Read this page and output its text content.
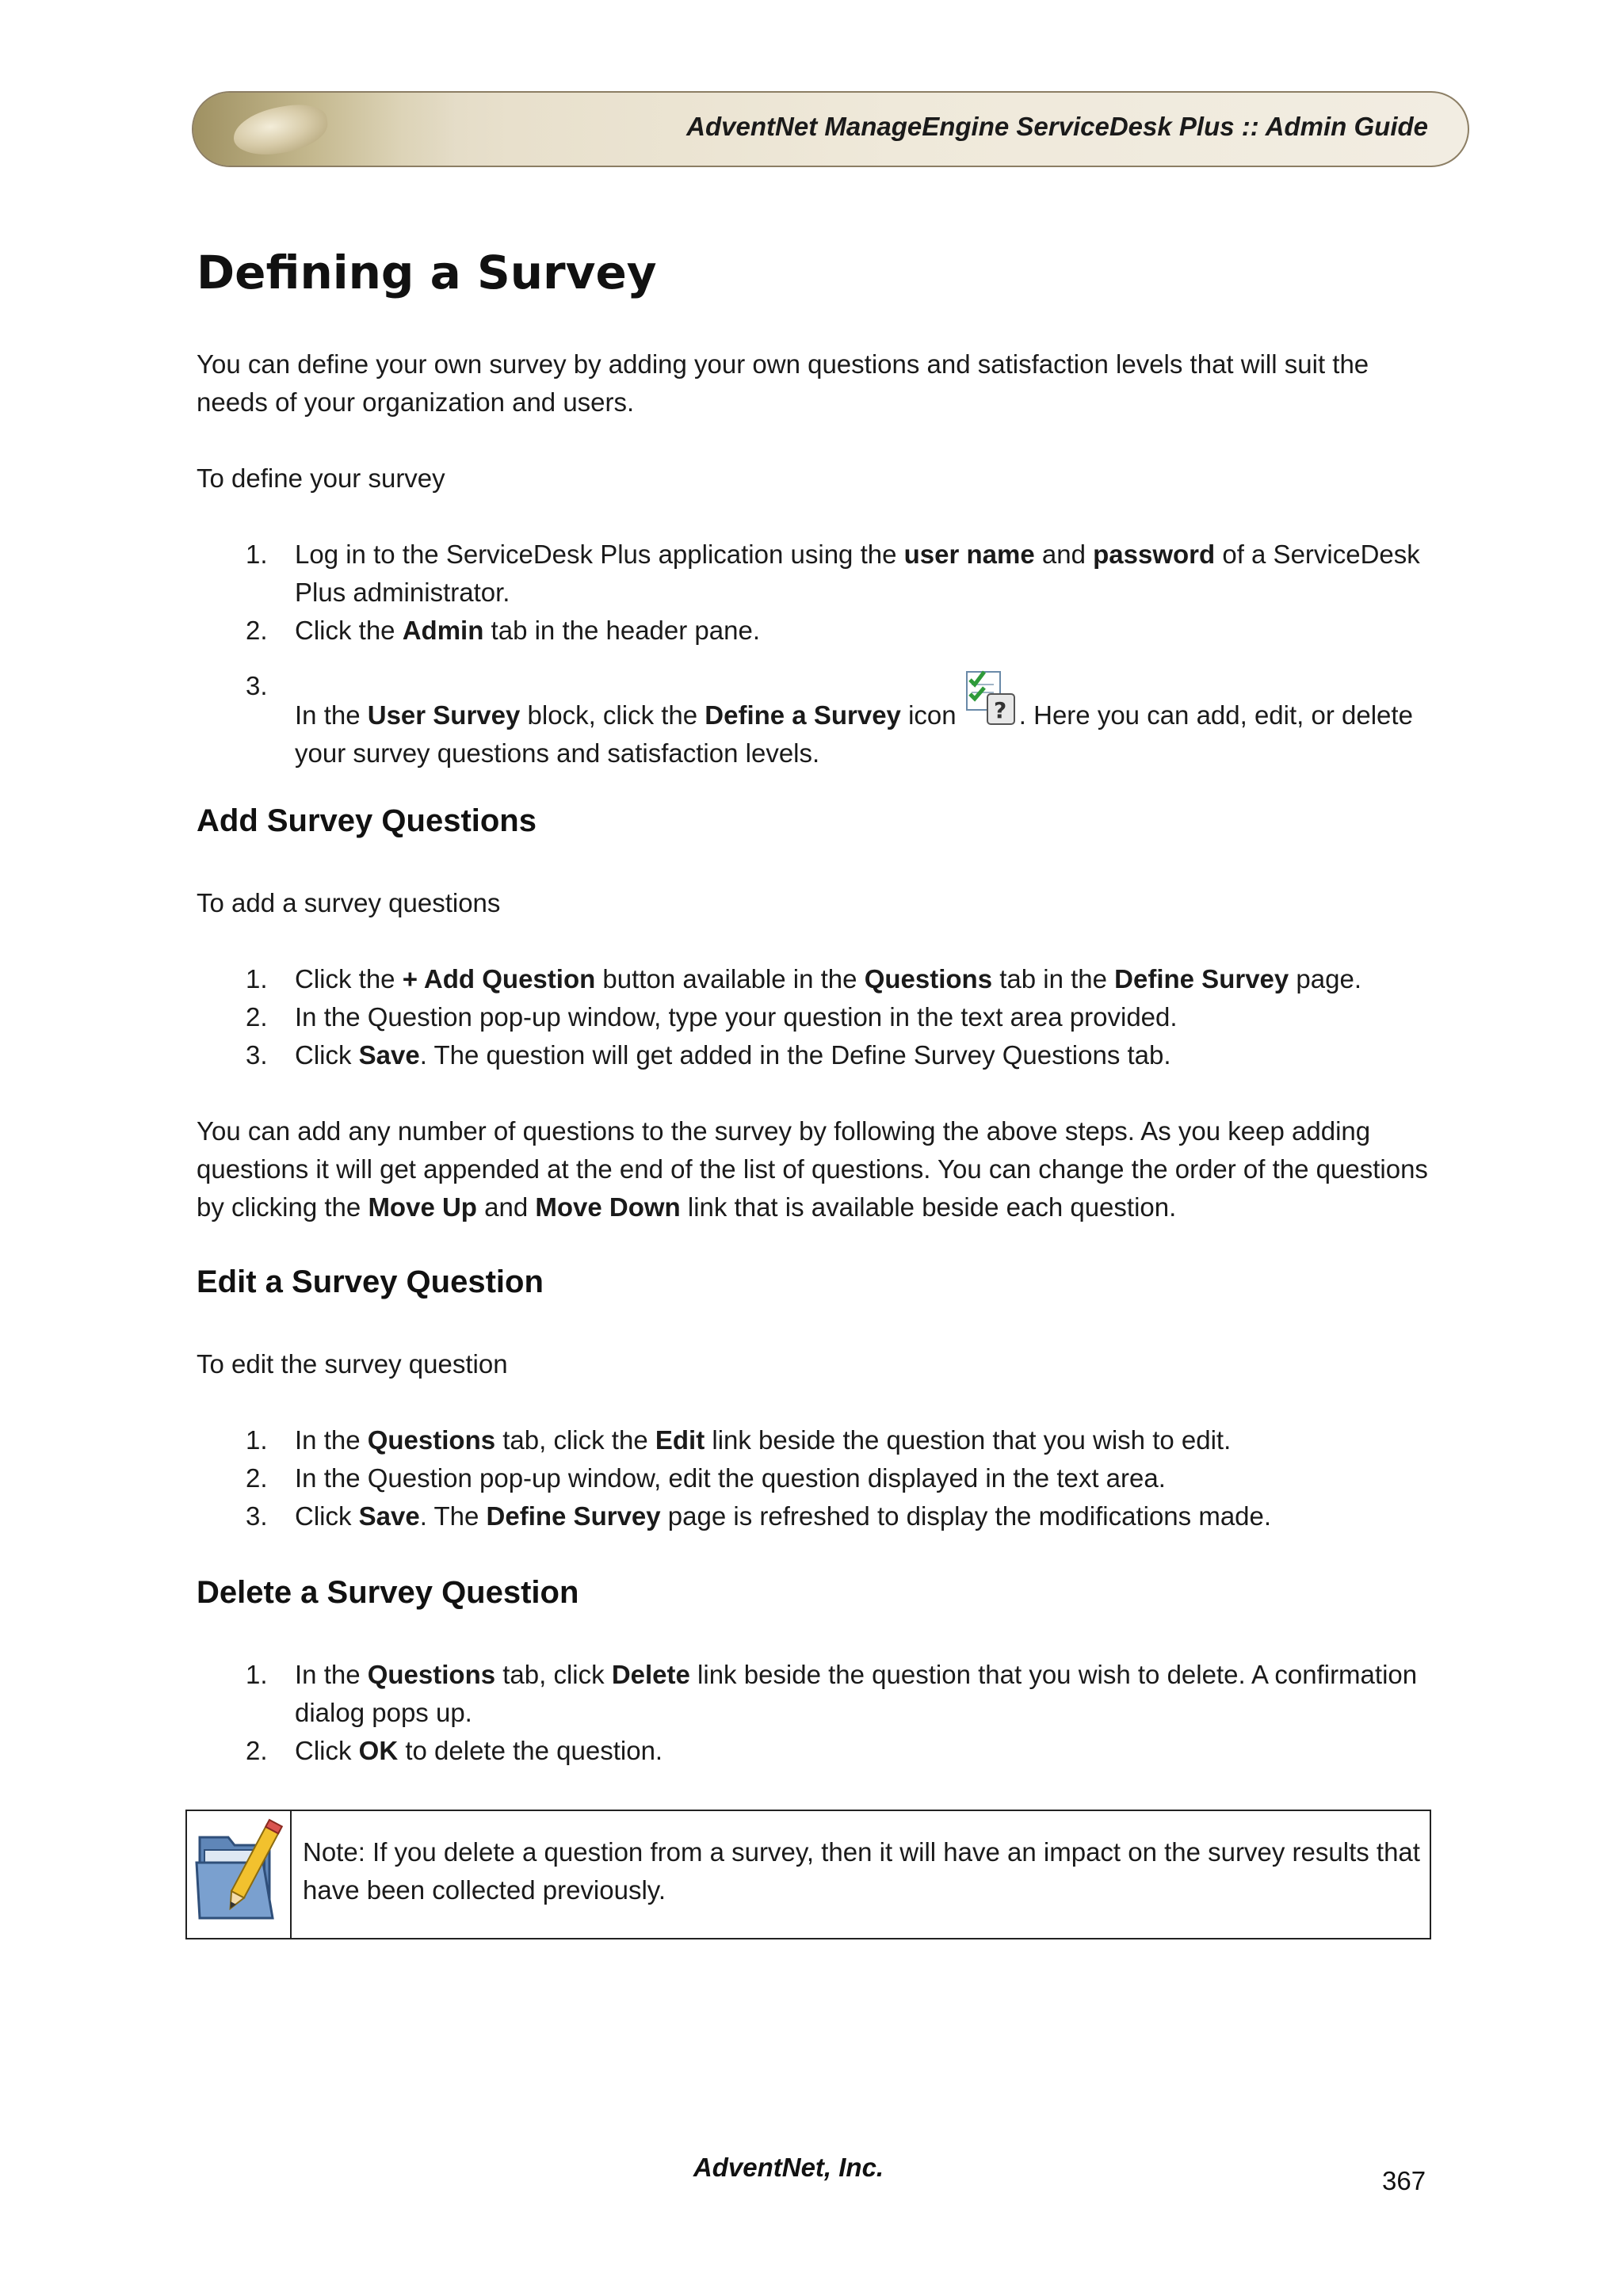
AdventNet ManageEngine ServiceDesk Plus :: Admin Guide
Defining a Survey

You can define your own survey by adding your own questions and satisfaction levels that will suit the needs of your organization and users.

To define your survey

1. Log in to the ServiceDesk Plus application using the user name and password of a ServiceDesk Plus administrator.
2. Click the Admin tab in the header pane.
3.
In the User Survey block, click the Define a Survey icon ? . Here you can add, edit, or delete your survey questions and satisfaction levels.
Add Survey Questions

To add a survey questions

1. Click the + Add Question button available in the Questions tab in the Define Survey page.
2. In the Question pop-up window, type your question in the text area provided.
3. Click Save. The question will get added in the Define Survey Questions tab.

You can add any number of questions to the survey by following the above steps. As you keep adding questions it will get appended at the end of the list of questions. You can change the order of the questions by clicking the Move Up and Move Down link that is available beside each question.

Edit a Survey Question

To edit the survey question

1. In the Questions tab, click the Edit link beside the question that you wish to edit.
2. In the Question pop-up window, edit the question displayed in the text area.
3. Click Save. The Define Survey page is refreshed to display the modifications made.
Delete a Survey Question
1. In the Questions tab, click Delete link beside the question that you wish to delete. A confirmation dialog pops up.
2. Click OK to delete the question.
Note: If you delete a question from a survey, then it will have an impact on the survey results that have been collected previously.
AdventNet, Inc.	367
